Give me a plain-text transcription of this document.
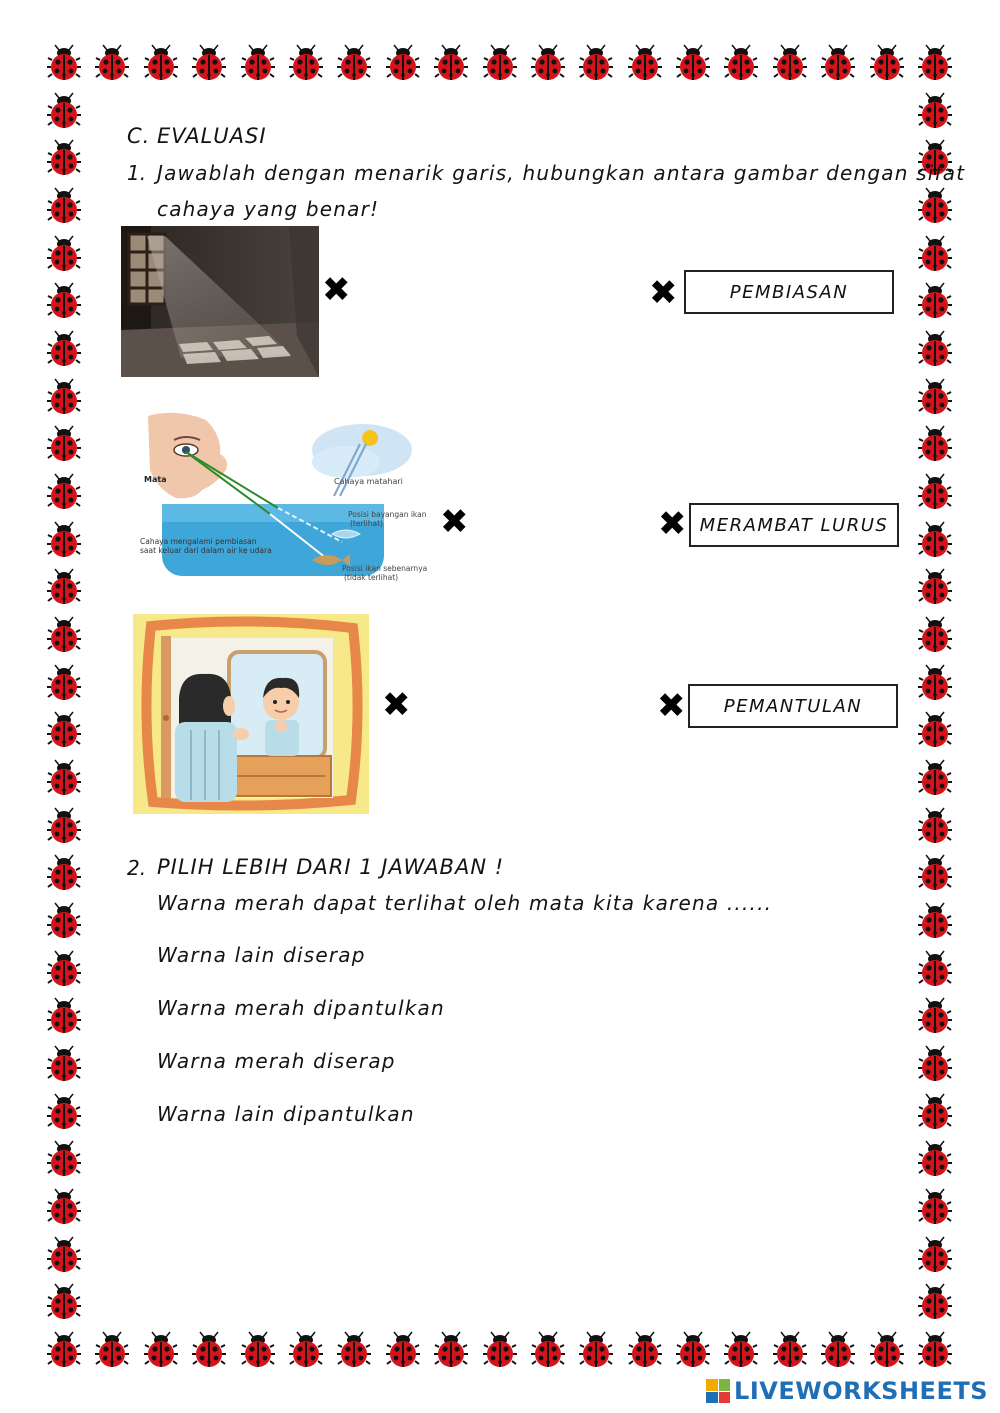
C. EVALUASI
1. Jawablah dengan menarik garis, hubungkan antara gambar dengan sifat
cahaya yang benar!
Mata	Cahaya matahari
Posisi bayangan ikan
(terlihat)
Cahaya mengalami pembiasan
saat keluar dari dalam air ke udara
Posisi ikan sebenarnya
(tidak terlihat)
✖
✖
✖
✖
✖
✖
PEMBIASAN
MERAMBAT LURUS
PEMANTULAN
2. PILIH LEBIH DARI 1 JAWABAN !
Warna merah dapat terlihat oleh mata kita karena ......
Warna lain diserap
Warna merah dipantulkan
Warna merah diserap
Warna lain dipantulkan
LIVEWORKSHEETS
